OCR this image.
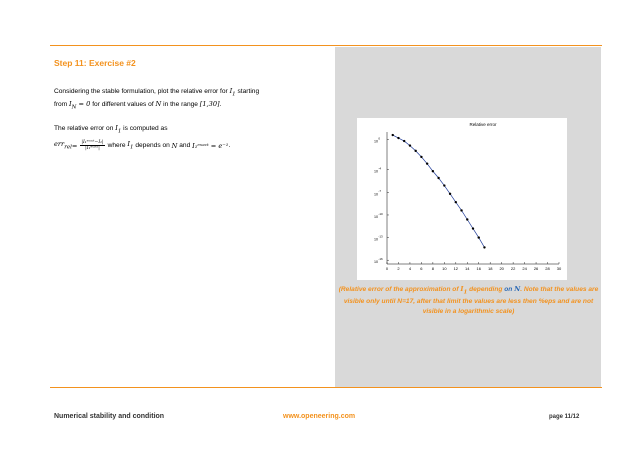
Step 11: Exercise #2
Considering the stable formulation, plot the relative error for $I_1$ starting
from $I_N = 0$ for different values of N in the range [1,30].
The relative error on $I_1$ is computed as
$err_{rel} = \frac{\text{|I₁ᵉˣᵃᶜᵗ−I₁|}}{\text{|I₁ᵉˣᵃᶜᵗ|}}$ where
$I_1$
depends on
N
and
I₁ᵉˣᵃᶜᵗ = e⁻¹ .
Relative error
0 2 4 6 8 10 12 14 16 18 20 22 24 26 28 30
10
0
10
-4
10
-7
10
-10
10
-13
10
-16
(Relative error of the approximation of $I_1$ depending on N. Note that the values are visible only until N=17, after that limit the values are less then %eps and are not visible in a logarithmic scale)
Numerical stability and condition	www.openeering.com	page 11/12
